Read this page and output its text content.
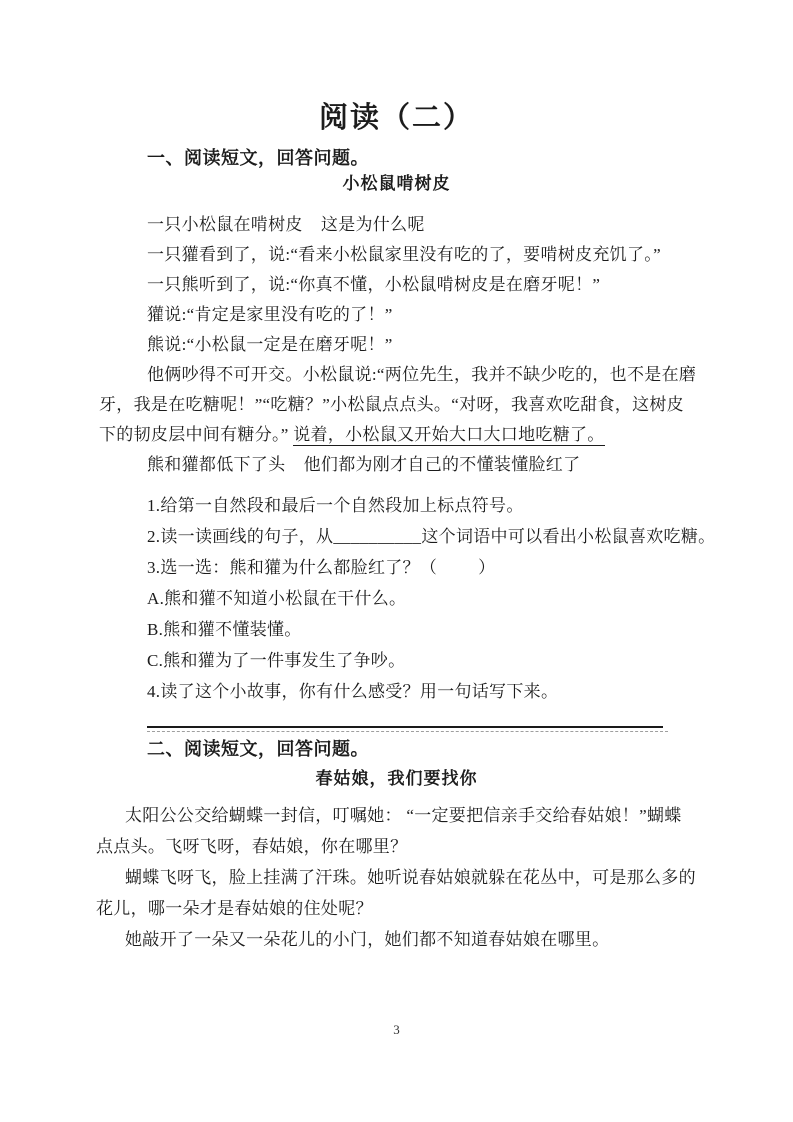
阅读（二）
一、阅读短文，回答问题。
小松鼠啃树皮
一只小松鼠在啃树皮    这是为什么呢
一只獾看到了，说:“看来小松鼠家里没有吃的了，要啃树皮充饥了。”
一只熊听到了，说:“你真不懂，小松鼠啃树皮是在磨牙呢！”
獾说:“肯定是家里没有吃的了！”
熊说:“小松鼠一定是在磨牙呢！”
他俩吵得不可开交。小松鼠说:“两位先生，我并不缺少吃的，也不是在磨
牙，我是在吃糖呢！”“吃糖？”小松鼠点点头。“对呀，我喜欢吃甜食，这树皮
下的韧皮层中间有糖分。” 说着，小松鼠又开始大口大口地吃糖了。
熊和獾都低下了头    他们都为刚才自己的不懂装懂脸红了
1.给第一自然段和最后一个自然段加上标点符号。
2.读一读画线的句子，从__________这个词语中可以看出小松鼠喜欢吃糖。
3.选一选：熊和獾为什么都脸红了？（         ）
A.熊和獾不知道小松鼠在干什么。
B.熊和獾不懂装懂。
C.熊和獾为了一件事发生了争吵。
4.读了这个小故事，你有什么感受？用一句话写下来。
二、阅读短文，回答问题。
春姑娘，我们要找你
太阳公公交给蝴蝶一封信，叮嘱她： “一定要把信亲手交给春姑娘！”蝴蝶
点点头。飞呀飞呀，春姑娘，你在哪里？
蝴蝶飞呀飞，脸上挂满了汗珠。她听说春姑娘就躲在花丛中，可是那么多的
花儿，哪一朵才是春姑娘的住处呢？
她敲开了一朵又一朵花儿的小门，她们都不知道春姑娘在哪里。
3
